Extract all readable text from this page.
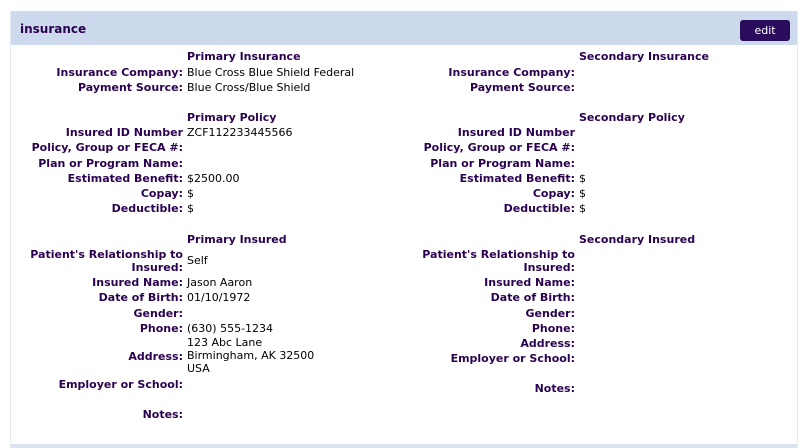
insurance	edit
Primary Insurance
Insurance Company: Blue Cross Blue Shield Federal
Payment Source: Blue Cross/Blue Shield
Primary Policy
Insured ID Number ZCF112233445566
Policy, Group or FECA #:
Plan or Program Name:
Estimated Benefit: $2500.00
Copay: $
Deductible: $
Primary Insured
Patient's Relationship to
Insured:
Self
Insured Name: Jason Aaron
Date of Birth: 01/10/1972
Gender:
Phone: (630) 555-1234
Address:
123 Abc Lane
Birmingham, AK 32500
USA
Employer or School:
Notes:
Secondary Insurance
Insurance Company:
Payment Source:
Secondary Policy
Insured ID Number
Policy, Group or FECA #:
Plan or Program Name:
Estimated Benefit: $
Copay: $
Deductible: $
Secondary Insured
Patient's Relationship to
Insured:
Insured Name:
Date of Birth:
Gender:
Phone:
Address:
Employer or School:
Notes:
